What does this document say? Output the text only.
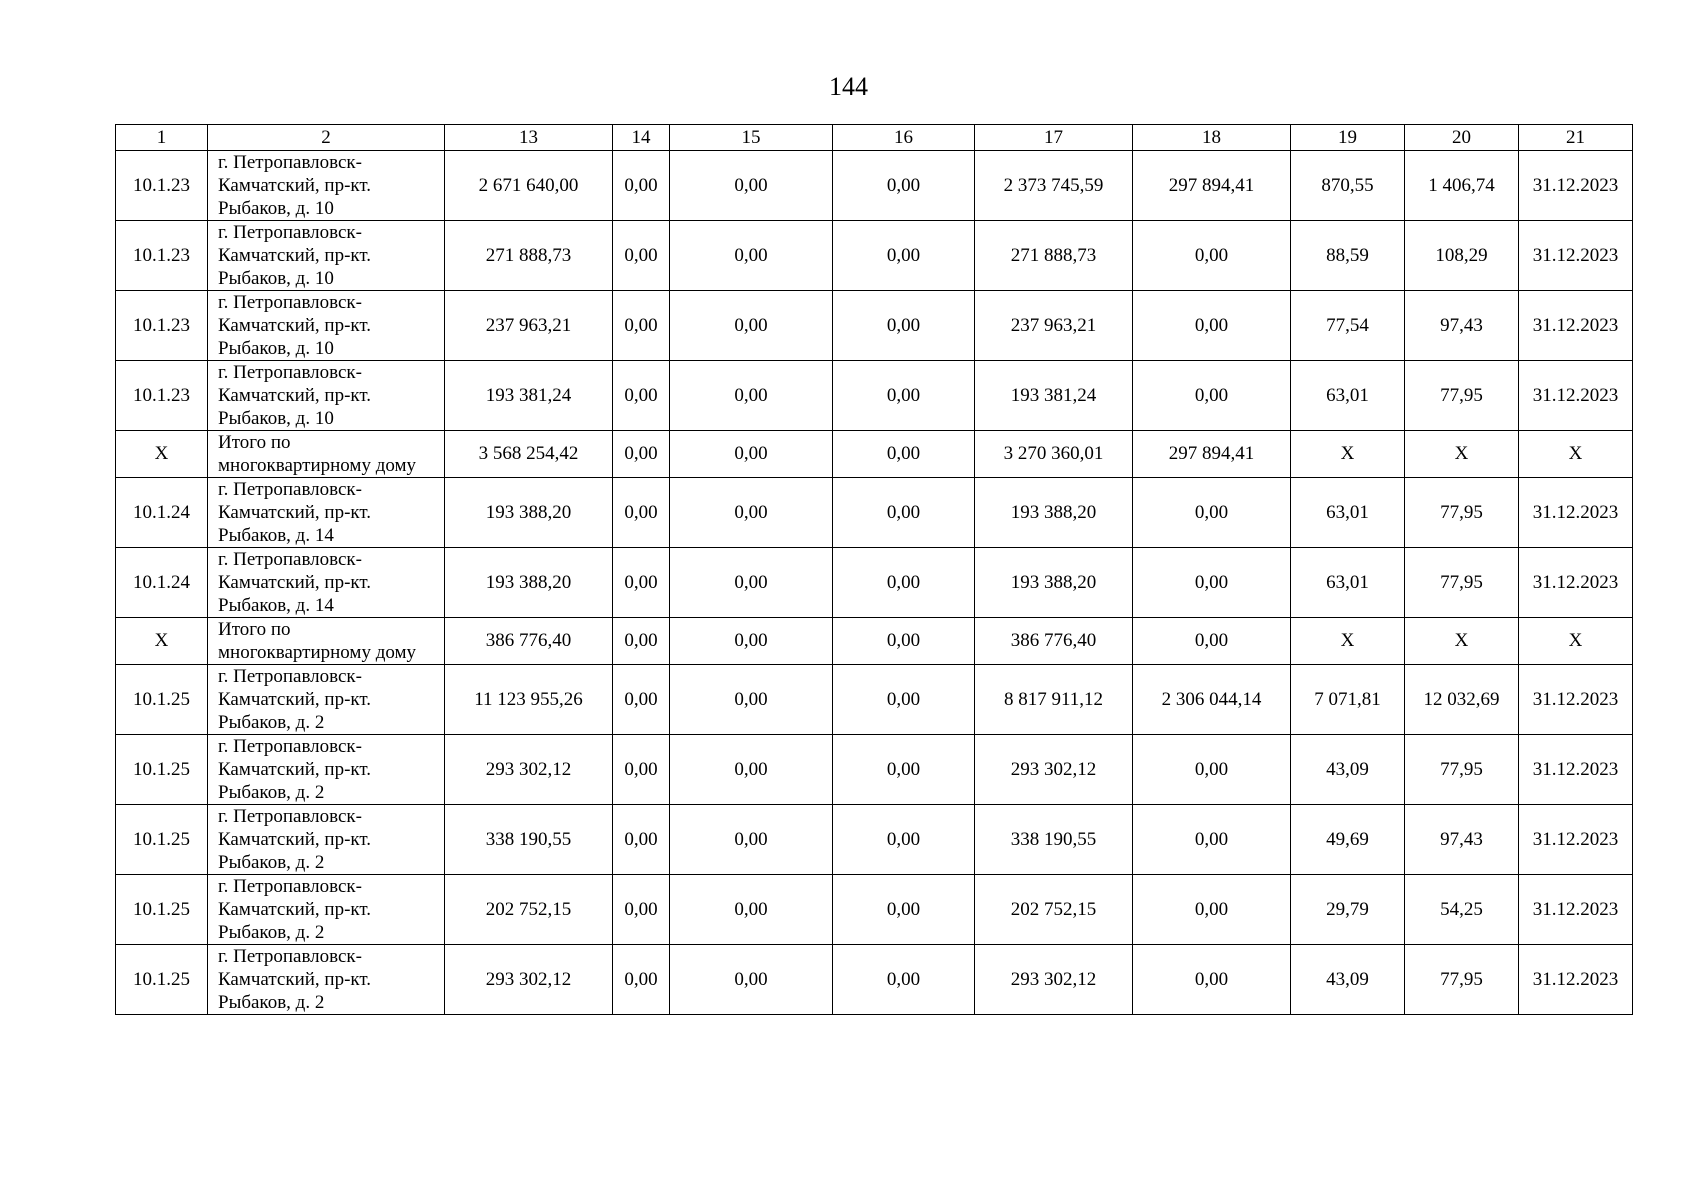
144
1	2	13	14	15	16	17	18	19	20	21
10.1.23	г. Петропавловск-Камчатский, пр-кт. Рыбаков, д. 10	2 671 640,00	0,00	0,00	0,00	2 373 745,59	297 894,41	870,55	1 406,74	31.12.2023
10.1.23	г. Петропавловск-Камчатский, пр-кт. Рыбаков, д. 10	271 888,73	0,00	0,00	0,00	271 888,73	0,00	88,59	108,29	31.12.2023
10.1.23	г. Петропавловск-Камчатский, пр-кт. Рыбаков, д. 10	237 963,21	0,00	0,00	0,00	237 963,21	0,00	77,54	97,43	31.12.2023
10.1.23	г. Петропавловск-Камчатский, пр-кт. Рыбаков, д. 10	193 381,24	0,00	0,00	0,00	193 381,24	0,00	63,01	77,95	31.12.2023
X	Итого по многоквартирному дому	3 568 254,42	0,00	0,00	0,00	3 270 360,01	297 894,41	X	X	X
10.1.24	г. Петропавловск-Камчатский, пр-кт. Рыбаков, д. 14	193 388,20	0,00	0,00	0,00	193 388,20	0,00	63,01	77,95	31.12.2023
10.1.24	г. Петропавловск-Камчатский, пр-кт. Рыбаков, д. 14	193 388,20	0,00	0,00	0,00	193 388,20	0,00	63,01	77,95	31.12.2023
X	Итого по многоквартирному дому	386 776,40	0,00	0,00	0,00	386 776,40	0,00	X	X	X
10.1.25	г. Петропавловск-Камчатский, пр-кт. Рыбаков, д. 2	11 123 955,26	0,00	0,00	0,00	8 817 911,12	2 306 044,14	7 071,81	12 032,69	31.12.2023
10.1.25	г. Петропавловск-Камчатский, пр-кт. Рыбаков, д. 2	293 302,12	0,00	0,00	0,00	293 302,12	0,00	43,09	77,95	31.12.2023
10.1.25	г. Петропавловск-Камчатский, пр-кт. Рыбаков, д. 2	338 190,55	0,00	0,00	0,00	338 190,55	0,00	49,69	97,43	31.12.2023
10.1.25	г. Петропавловск-Камчатский, пр-кт. Рыбаков, д. 2	202 752,15	0,00	0,00	0,00	202 752,15	0,00	29,79	54,25	31.12.2023
10.1.25	г. Петропавловск-Камчатский, пр-кт. Рыбаков, д. 2	293 302,12	0,00	0,00	0,00	293 302,12	0,00	43,09	77,95	31.12.2023
